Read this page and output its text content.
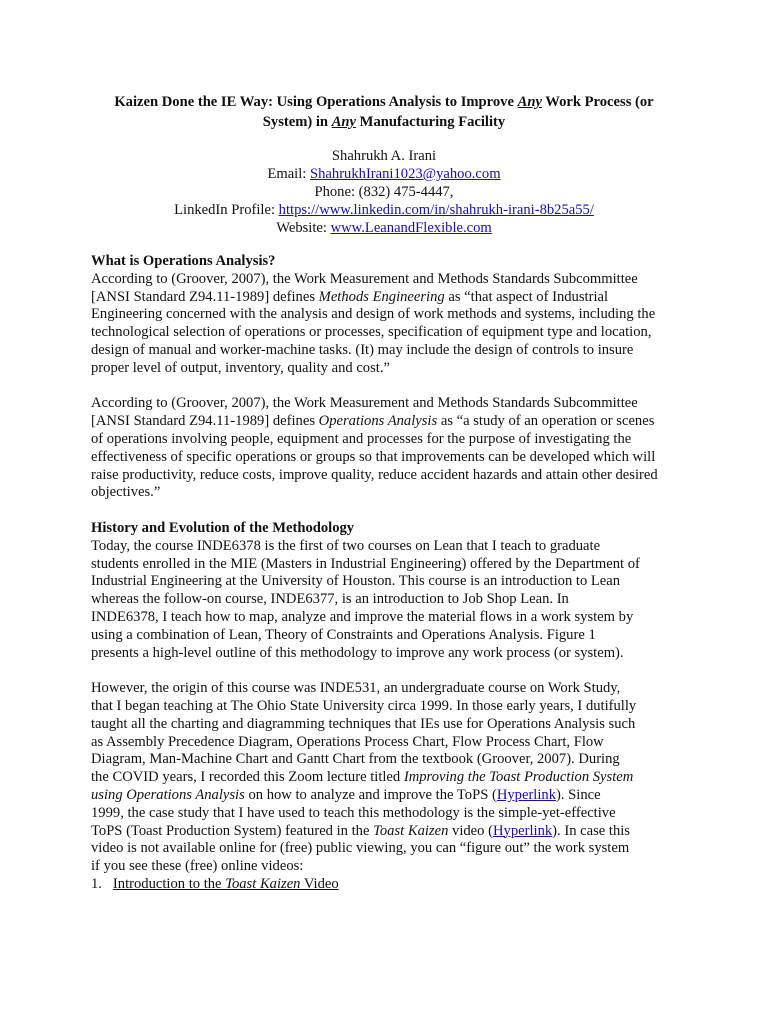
Kaizen Done the IE Way: Using Operations Analysis to Improve Any Work Process (or
System) in Any Manufacturing Facility
Shahrukh A. Irani
Email: ShahrukhIrani1023@yahoo.com
Phone: (832) 475-4447,
LinkedIn Profile: https://www.linkedin.com/in/shahrukh-irani-8b25a55/
Website: www.LeanandFlexible.com
What is Operations Analysis?
According to (Groover, 2007), the Work Measurement and Methods Standards Subcommittee
[ANSI Standard Z94.11-1989] defines Methods Engineering as “that aspect of Industrial
Engineering concerned with the analysis and design of work methods and systems, including the
technological selection of operations or processes, specification of equipment type and location,
design of manual and worker-machine tasks. (It) may include the design of controls to insure
proper level of output, inventory, quality and cost.”
According to (Groover, 2007), the Work Measurement and Methods Standards Subcommittee
[ANSI Standard Z94.11-1989] defines Operations Analysis as “a study of an operation or scenes
of operations involving people, equipment and processes for the purpose of investigating the
effectiveness of specific operations or groups so that improvements can be developed which will
raise productivity, reduce costs, improve quality, reduce accident hazards and attain other desired
objectives.”
History and Evolution of the Methodology
Today, the course INDE6378 is the first of two courses on Lean that I teach to graduate
students enrolled in the MIE (Masters in Industrial Engineering) offered by the Department of
Industrial Engineering at the University of Houston. This course is an introduction to Lean
whereas the follow-on course, INDE6377, is an introduction to Job Shop Lean. In
INDE6378, I teach how to map, analyze and improve the material flows in a work system by
using a combination of Lean, Theory of Constraints and Operations Analysis. Figure 1
presents a high-level outline of this methodology to improve any work process (or system).
However, the origin of this course was INDE531, an undergraduate course on Work Study,
that I began teaching at The Ohio State University circa 1999. In those early years, I dutifully
taught all the charting and diagramming techniques that IEs use for Operations Analysis such
as Assembly Precedence Diagram, Operations Process Chart, Flow Process Chart, Flow
Diagram, Man-Machine Chart and Gantt Chart from the textbook (Groover, 2007). During
the COVID years, I recorded this Zoom lecture titled Improving the Toast Production System
using Operations Analysis on how to analyze and improve the ToPS (Hyperlink). Since
1999, the case study that I have used to teach this methodology is the simple-yet-effective
ToPS (Toast Production System) featured in the Toast Kaizen video (Hyperlink). In case this
video is not available online for (free) public viewing, you can “figure out” the work system
if you see these (free) online videos:
1. Introduction to the Toast Kaizen Video
